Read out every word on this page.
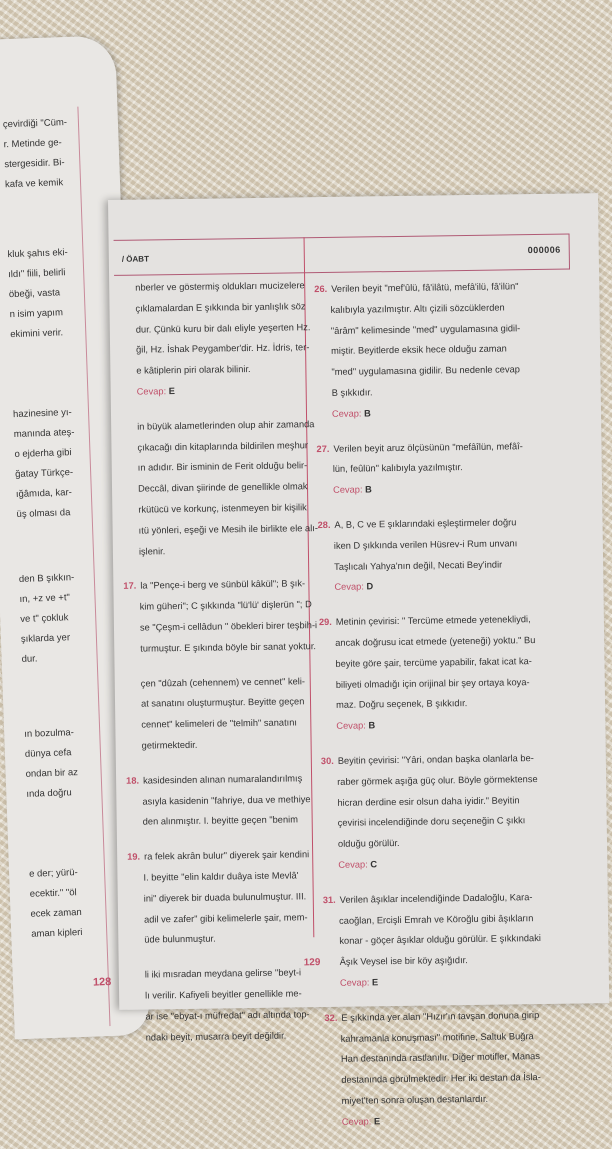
çevirdiği "Cüm-
r. Metinde ge-
stergesidir. Bi-
kafa ve kemik
kluk şahıs eki-
ıldı" fiili, belirli
öbeği, vasta
n isim yapım
ekimini verir.
hazinesine yı-
manında ateş-
o ejderha gibi
ğatay Türkçe-
ığâmıda, kar-
üş olması da
den B şıkkın-
ın, +z ve +t"
ve t" çokluk
şıklarda yer
dur.
ın bozulma-
dünya cefa
ondan bir az
ında doğru
e der; yürü-
ecektir." "öl
ecek zaman
aman kipleri
128
/ ÖABT
000006
nberler ve göstermiş oldukları mucizelere
çıklamalardan E şıkkında bir yanlışlık söz
dur. Çünkü kuru bir dalı eliyle yeşerten Hz.
ğil, Hz. İshak Peygamber'dir. Hz. İdris, ter-
e kâtiplerin piri olarak bilinir.
Cevap: E
in büyük alametlerinden olup ahir zamanda
çıkacağı din kitaplarında bildirilen meşhur
ın adıdır. Bir isminin de Ferit olduğu belir-
Deccâl, divan şiirinde de genellikle olmak
rkütücü ve korkunç, istenmeyen bir kişilik
ıtü yönleri, eşeği ve Mesih ile birlikte ele alı-
işlenir.
17. la "Pençe-i berg ve sünbül kâkül"; B şık-
kim güheri"; C şıkkında "lü'lü' dişlerün "; D
se "Çeşm-i cellâdun " öbekleri birer teşbih-i
turmuştur. E şıkında böyle bir sanat yoktur.
çen "dûzah (cehennem) ve cennet" keli-
at sanatını oluşturmuştur. Beyitte geçen
cennet" kelimeleri de "telmih" sanatını
getirmektedir.
18. kasidesinden alınan numaralandırılmış
asıyla kasidenin "fahriye, dua ve methiye
den alınmıştır. I. beyitte geçen "benim
19. ra felek akrân bulur" diyerek şair kendini
I. beyitte "elin kaldır duâya iste Mevlâ'
ini" diyerek bir duada bulunulmuştur. III.
adil ve zafer" gibi kelimelerle şair, mem-
üde bulunmuştur.
li iki mısradan meydana gelirse "beyt-i
lı verilir. Kafiyeli beyitler genellikle me-
ar ise "ebyat-ı müfredat" adı altında top-
ndaki beyit, musarra beyit değildir.
26. Verilen beyit "mef'ûlü, fâ'ilâtü, mefâ'ilü, fâ'ilün"
kalıbıyla yazılmıştır. Altı çizili sözcüklerden
"ârâm" kelimesinde "med" uygulamasına gidil-
miştir. Beyitlerde eksik hece olduğu zaman
"med" uygulamasına gidilir. Bu nedenle cevap
B şıkkıdır.
Cevap: B
27. Verilen beyit aruz ölçüsünün "mefâîlün, mefâî-
lün, feûlün" kalıbıyla yazılmıştır.
Cevap: B
28. A, B, C ve E şıklarındaki eşleştirmeler doğru
iken D şıkkında verilen Hüsrev-i Rum unvanı
Taşlıcalı Yahya'nın değil, Necati Bey'indir
Cevap: D
29. Metinin çevirisi: " Tercüme etmede yetenekliydi,
ancak doğrusu icat etmede (yeteneği) yoktu." Bu
beyite göre şair, tercüme yapabilir, fakat icat ka-
biliyeti olmadığı için orijinal bir şey ortaya koya-
maz. Doğru seçenek, B şıkkıdır.
Cevap: B
30. Beyitin çevirisi: "Yâri, ondan başka olanlarla be-
raber görmek aşığa güç olur. Böyle görmektense
hicran derdine esir olsun daha iyidir." Beyitin
çevirisi incelendiğinde doru seçeneğin C şıkkı
olduğu görülür.
Cevap: C
31. Verilen âşıklar incelendiğinde Dadaloğlu, Kara-
caoğlan, Ercişli Emrah ve Köroğlu gibi âşıkların
konar - göçer âşıklar olduğu görülür. E şıkkındaki
Âşık Veysel ise bir köy aşığıdır.
Cevap: E
32. E şıkkında yer alan "Hızır'ın tavşan donuna girip
kahramanla konuşması" motifine, Saltuk Buğra
Han destanında rastlanılır. Diğer motifler, Manas
destanında görülmektedir. Her iki destan da İsla-
miyet'ten sonra oluşan destanlardır.
Cevap: E
129
